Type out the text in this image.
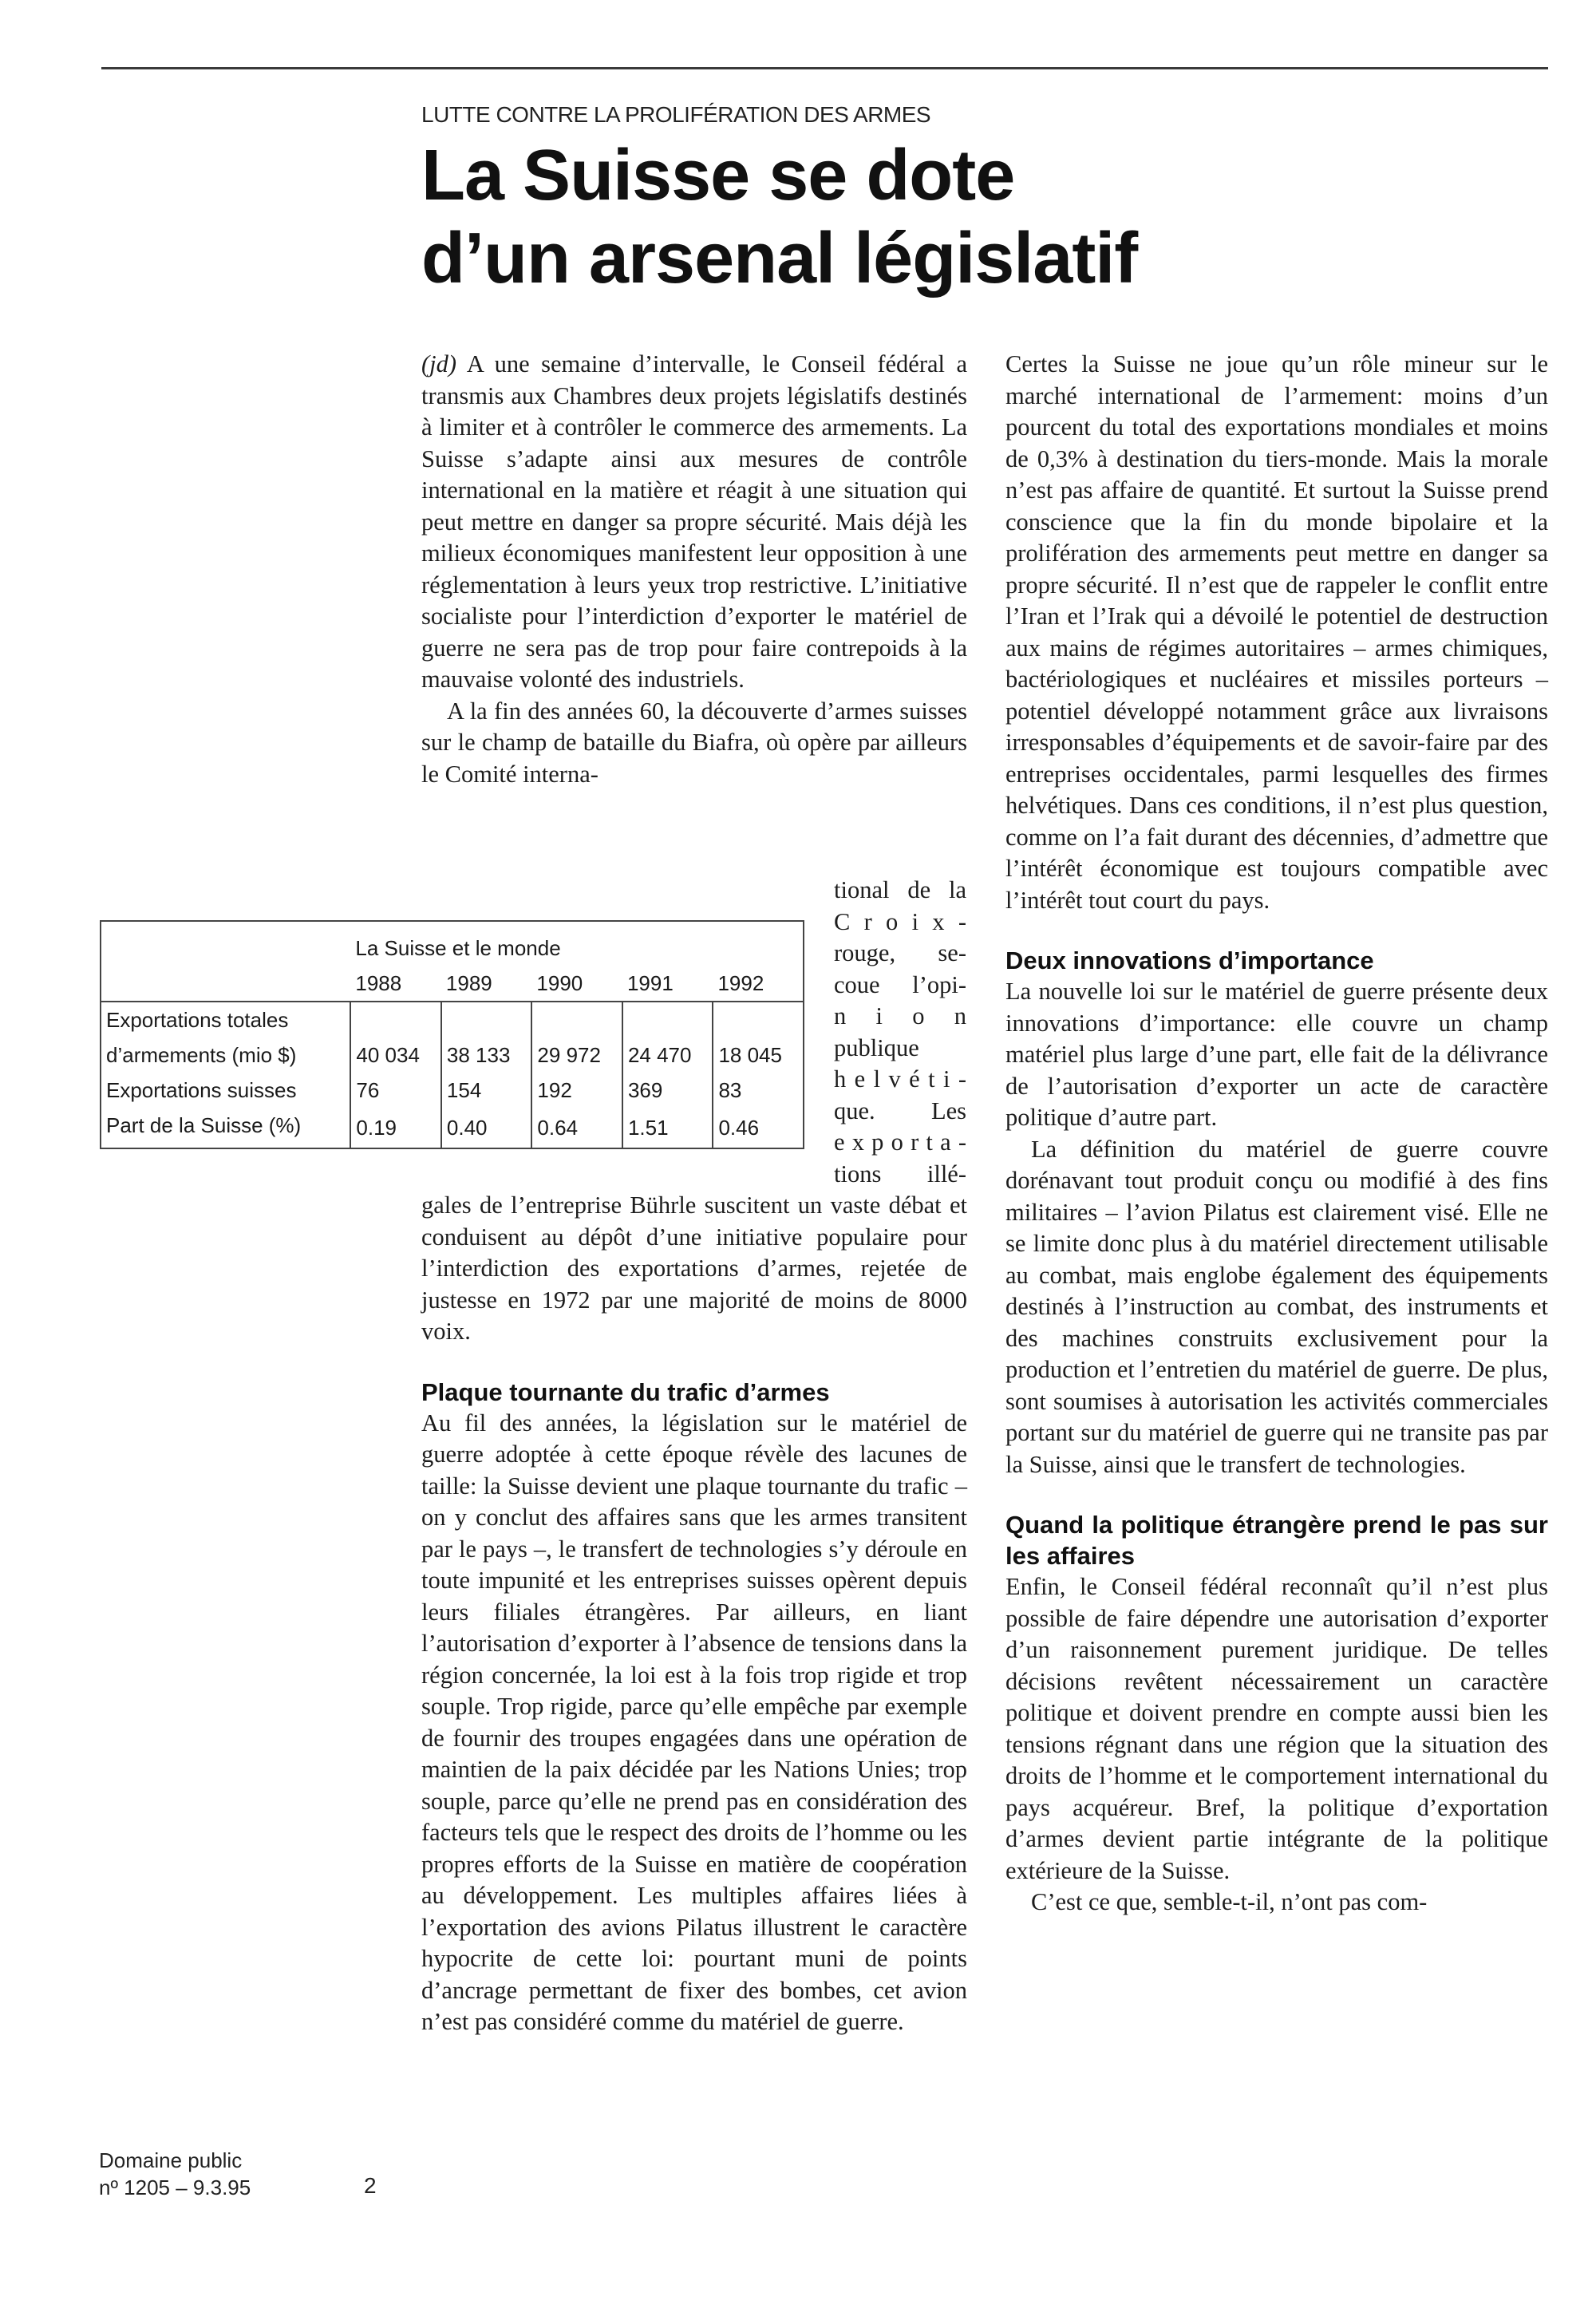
LUTTE CONTRE LA PROLIFÉRATION DES ARMES
La Suisse se dote
d’un arsenal législatif

(jd) A une semaine d’intervalle, le Conseil fédéral a transmis aux Chambres deux projets législatifs destinés à limiter et à contrôler le commerce des armements. La Suisse s’adapte ainsi aux mesures de contrôle international en la matière et réagit à une situation qui peut mettre en danger sa propre sécurité. Mais déjà les milieux économiques manifestent leur opposition à une réglementation à leurs yeux trop restrictive. L’initiative socialiste pour l’interdiction d’exporter le matériel de guerre ne sera pas de trop pour faire contrepoids à la mauvaise volonté des industriels.

A la fin des années 60, la découverte d’armes suisses sur le champ de bataille du Biafra, où opère par ailleurs le Comité interna-

tional de la
C r o i x -
rouge, se-
coue l’opi-
n i o n
publique
h e l v é t i -
que. Les
e x p o r t a -
tions illé-

gales de l’entreprise Bührle suscitent un vaste débat et conduisent au dépôt d’une initiative populaire pour l’interdiction des exportations d’armes, rejetée de justesse en 1972 par une majorité de moins de 8000 voix.

Plaque tournante du trafic d’armes

Au fil des années, la législation sur le matériel de guerre adoptée à cette époque révèle des lacunes de taille: la Suisse devient une plaque tournante du trafic – on y conclut des affaires sans que les armes transitent par le pays –, le transfert de technologies s’y déroule en toute impunité et les entreprises suisses opèrent depuis leurs filiales étrangères. Par ailleurs, en liant l’autorisation d’exporter à l’absence de tensions dans la région concernée, la loi est à la fois trop rigide et trop souple. Trop rigide, parce qu’elle empêche par exemple de fournir des troupes engagées dans une opération de maintien de la paix décidée par les Nations Unies; trop souple, parce qu’elle ne prend pas en considération des facteurs tels que le respect des droits de l’homme ou les propres efforts de la Suisse en matière de coopération au développement. Les multiples affaires liées à l’exportation des avions Pilatus illustrent le caractère hypocrite de cette loi: pourtant muni de points d’ancrage permettant de fixer des bombes, cet avion n’est pas considéré comme du matériel de guerre.

Certes la Suisse ne joue qu’un rôle mineur sur le marché international de l’armement: moins d’un pourcent du total des exportations mondiales et moins de 0,3% à destination du tiers-monde. Mais la morale n’est pas affaire de quantité. Et surtout la Suisse prend conscience que la fin du monde bipolaire et la prolifération des armements peut mettre en danger sa propre sécurité. Il n’est que de rappeler le conflit entre l’Iran et l’Irak qui a dévoilé le potentiel de destruction aux mains de régimes autoritaires – armes chimiques, bactériologiques et nucléaires et missiles porteurs – potentiel développé notamment grâce aux livraisons irresponsables d’équipements et de savoir-faire par des entreprises occidentales, parmi lesquelles des firmes helvétiques. Dans ces conditions, il n’est plus question, comme on l’a fait durant des décennies, d’admettre que l’intérêt économique est toujours compatible avec l’intérêt tout court du pays.

Deux innovations d’importance

La nouvelle loi sur le matériel de guerre présente deux innovations d’importance: elle couvre un champ matériel plus large d’une part, elle fait de la délivrance de l’autorisation d’exporter un acte de caractère politique d’autre part.

La définition du matériel de guerre couvre dorénavant tout produit conçu ou modifié à des fins militaires – l’avion Pilatus est clairement visé. Elle ne se limite donc plus à du matériel directement utilisable au combat, mais englobe également des équipements destinés à l’instruction au combat, des instruments et des machines construits exclusivement pour la production et l’entretien du matériel de guerre. De plus, sont soumises à autorisation les activités commerciales portant sur du matériel de guerre qui ne transite pas par la Suisse, ainsi que le transfert de technologies.

Quand la politique étrangère prend le pas sur les affaires

Enfin, le Conseil fédéral reconnaît qu’il n’est plus possible de faire dépendre une autorisation d’exporter d’un raisonnement purement juridique. De telles décisions revêtent nécessairement un caractère politique et doivent prendre en compte aussi bien les tensions régnant dans une région que la situation des droits de l’homme et le comportement international du pays acquéreur. Bref, la politique d’exportation d’armes devient partie intégrante de la politique extérieure de la Suisse.

C’est ce que, semble-t-il, n’ont pas com-

	La Suisse et le monde				
	1988	1989	1990	1991	1992
Exportations totales					
d’armements (mio $)	40 034	38 133	29 972	24 470	18 045
Exportations suisses	76	154	192	369	83
Part de la Suisse (%)	0.19	0.40	0.64	1.51	0.46
Domaine public
nº 1205 – 9.3.95	2
